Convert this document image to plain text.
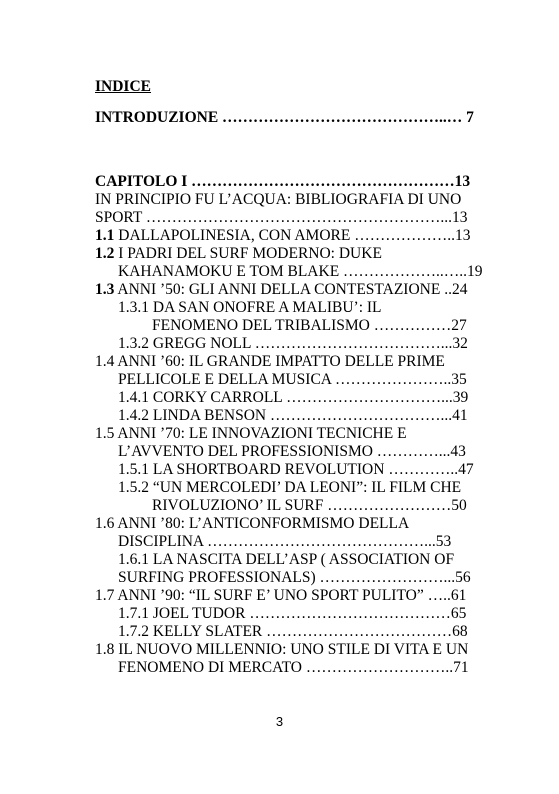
INDICE
INTRODUZIONE ……………………………………..… 7
CAPITOLO I ……………………………………………13
IN PRINCIPIO FU L’ACQUA: BIBLIOGRAFIA DI UNO
SPORT …………………………………………………...13
1.1 DALLAPOLINESIA, CON AMORE ………………..13
1.2 I PADRI DEL SURF MODERNO: DUKE
KAHANAMOKU E TOM BLAKE ………………..…..19
1.3 ANNI ’50: GLI ANNI DELLA CONTESTAZIONE ..24
1.3.1 DA SAN ONOFRE A MALIBU’: IL
FENOMENO DEL TRIBALISMO ……………27
1.3.2 GREGG NOLL ………………………………...32
1.4 ANNI ’60: IL GRANDE IMPATTO DELLE PRIME
PELLICOLE E DELLA MUSICA …………………..35
1.4.1 CORKY CARROLL …………………………...39
1.4.2 LINDA BENSON ……………………………...41
1.5 ANNI ’70: LE INNOVAZIONI TECNICHE E
L’AVVENTO DEL PROFESSIONISMO …………...43
1.5.1 LA SHORTBOARD REVOLUTION …………..47
1.5.2 “UN MERCOLEDI’ DA LEONI”: IL FILM CHE
RIVOLUZIONO’ IL SURF ……………………50
1.6 ANNI ’80: L’ANTICONFORMISMO DELLA
DISCIPLINA ……………………………………...53
1.6.1 LA NASCITA DELL’ASP ( ASSOCIATION OF
SURFING PROFESSIONALS) ……………………...56
1.7 ANNI ’90: “IL SURF E’ UNO SPORT PULITO” …..61
1.7.1 JOEL TUDOR …………………………………65
1.7.2 KELLY SLATER ………………………………68
1.8 IL NUOVO MILLENNIO: UNO STILE DI VITA E UN
FENOMENO DI MERCATO ………………………..71
3
